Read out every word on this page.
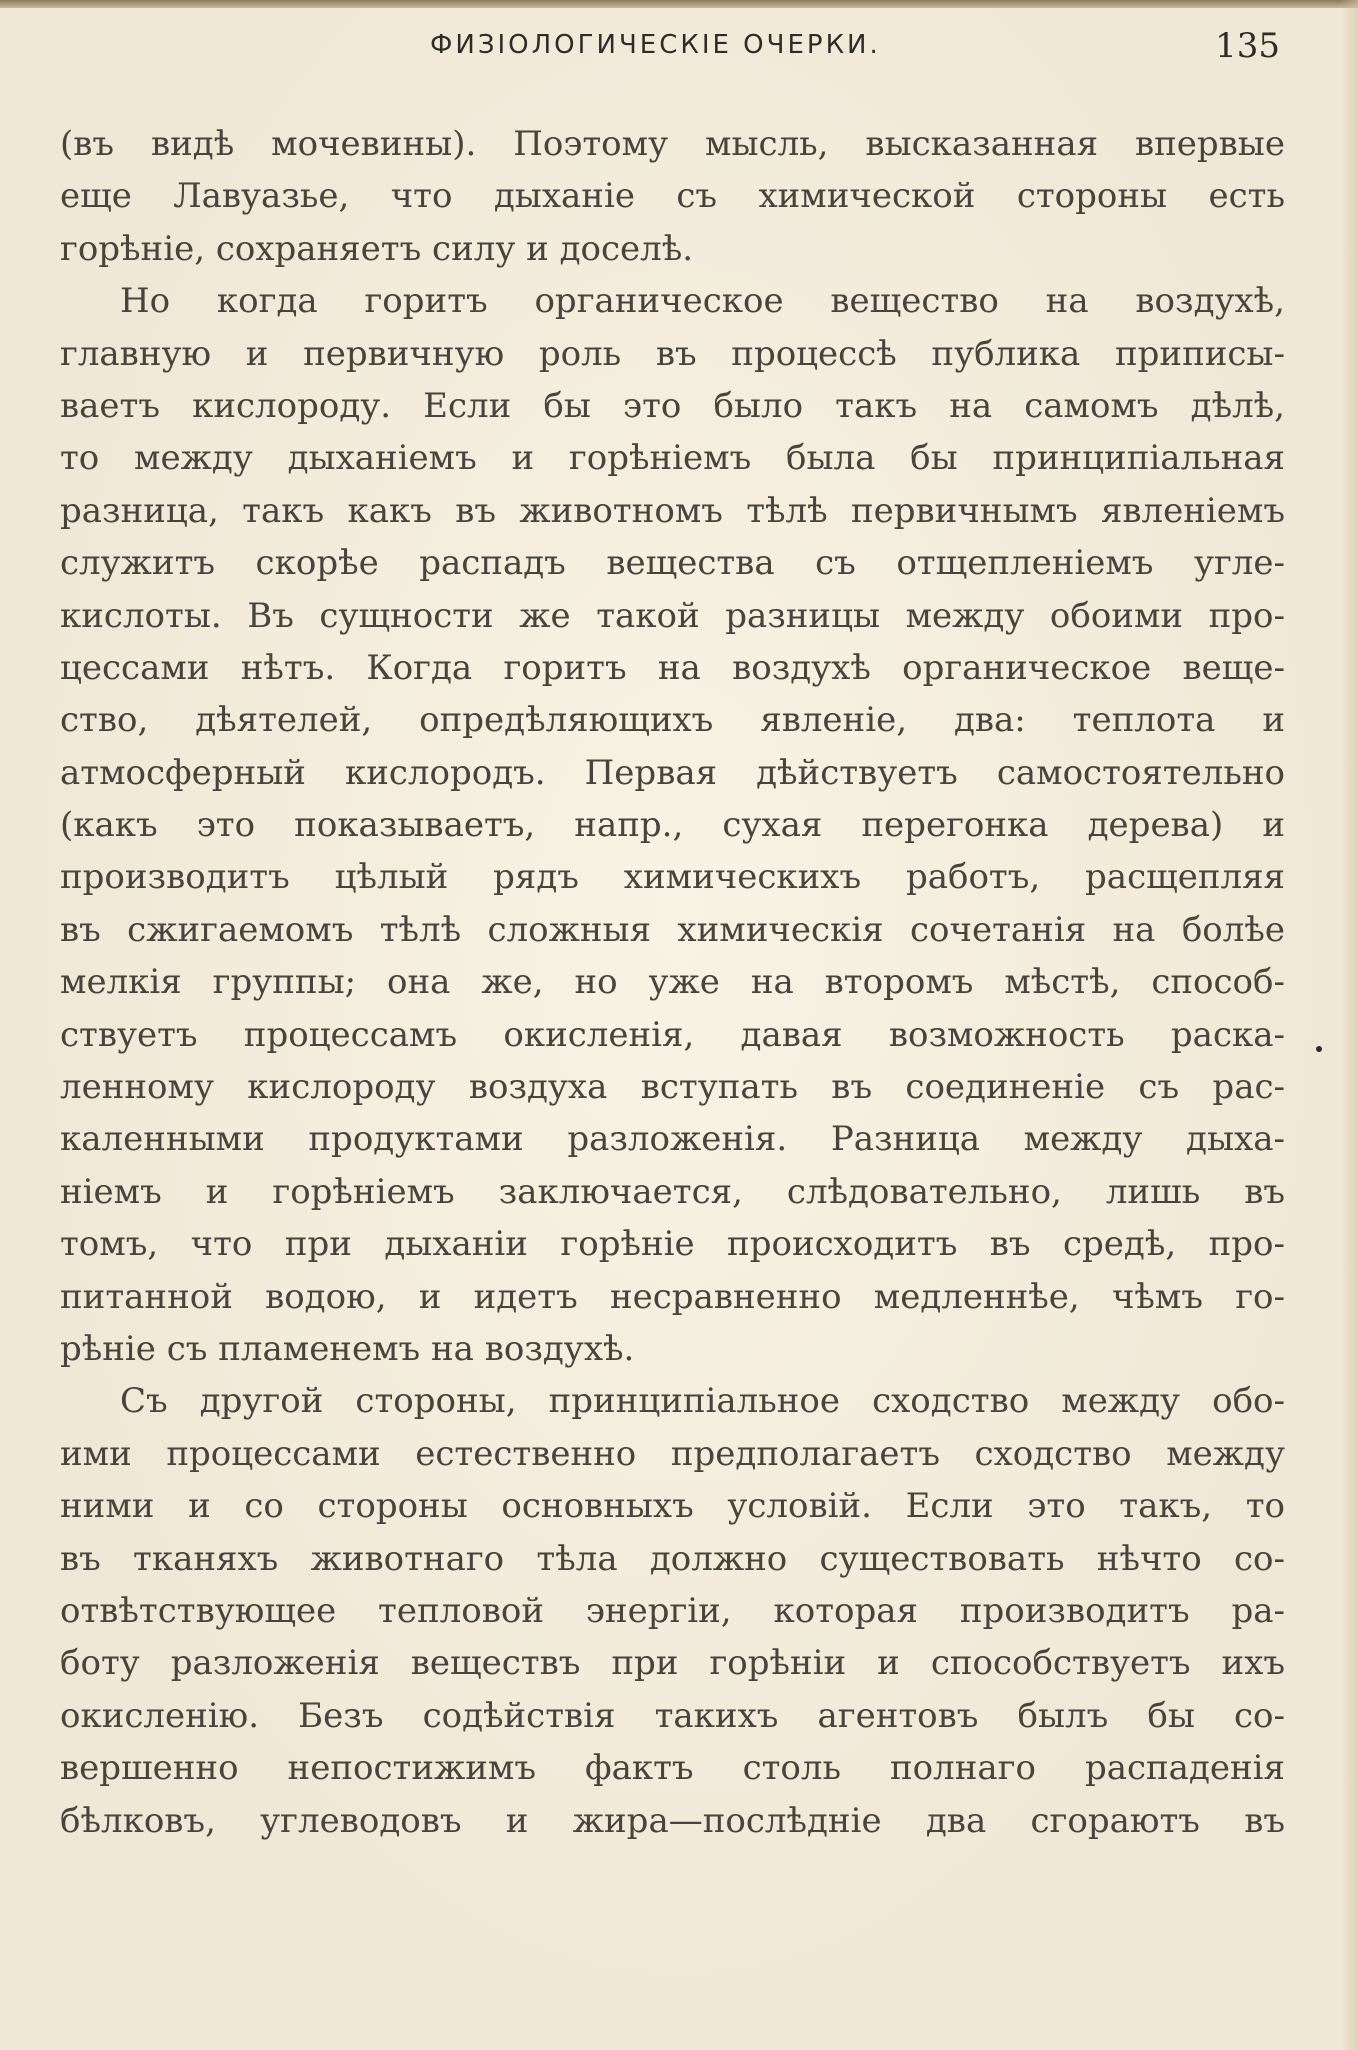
ФИЗІОЛОГИЧЕСКІЕ ОЧЕРКИ.	135
(въ видѣ мочевины). Поэтому мысль, высказанная впервые
еще Лавуазье, что дыханіе съ химической стороны есть
горѣніе, сохраняетъ силу и доселѣ.
Но когда горитъ органическое вещество на воздухѣ,
главную и первичную роль въ процессѣ публика приписы-
ваетъ кислороду. Если бы это было такъ на самомъ дѣлѣ,
то между дыханіемъ и горѣніемъ была бы принципіальная
разница, такъ какъ въ животномъ тѣлѣ первичнымъ явленіемъ
служитъ скорѣе распадъ вещества съ отщепленіемъ угле-
кислоты. Въ сущности же такой разницы между обоими про-
цессами нѣтъ. Когда горитъ на воздухѣ органическое веще-
ство, дѣятелей, опредѣляющихъ явленіе, два: теплота и
атмосферный кислородъ. Первая дѣйствуетъ самостоятельно
(какъ это показываетъ, напр., сухая перегонка дерева) и
производитъ цѣлый рядъ химическихъ работъ, расщепляя
въ сжигаемомъ тѣлѣ сложныя химическія сочетанія на болѣе
мелкія группы; она же, но уже на второмъ мѣстѣ, способ-
ствуетъ процессамъ окисленія, давая возможность раска-
ленному кислороду воздуха вступать въ соединеніе съ рас-
каленными продуктами разложенія. Разница между дыха-
ніемъ и горѣніемъ заключается, слѣдовательно, лишь въ
томъ, что при дыханіи горѣніе происходитъ въ средѣ, про-
питанной водою, и идетъ несравненно медленнѣе, чѣмъ го-
рѣніе съ пламенемъ на воздухѣ.
Съ другой стороны, принципіальное сходство между обо-
ими процессами естественно предполагаетъ сходство между
ними и со стороны основныхъ условій. Если это такъ, то
въ тканяхъ животнаго тѣла должно существовать нѣчто со-
отвѣтствующее тепловой энергіи, которая производитъ ра-
боту разложенія веществъ при горѣніи и способствуетъ ихъ
окисленію. Безъ содѣйствія такихъ агентовъ былъ бы со-
вершенно непостижимъ фактъ столь полнаго распаденія
бѣлковъ, углеводовъ и жира—послѣдніе два сгораютъ въ
